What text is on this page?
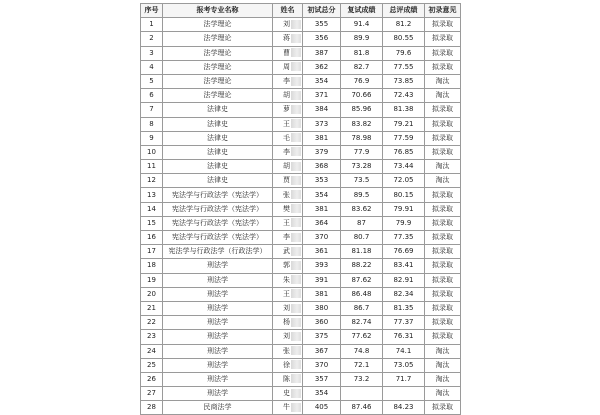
序号	报考专业名称	姓名	初试总分	复试成绩	总评成绩	初录意见
1	法学理论	刘	355	91.4	81.2	拟录取
2	法学理论	蒋	356	89.9	80.55	拟录取
3	法学理论	曹	387	81.8	79.6	拟录取
4	法学理论	周	362	82.7	77.55	拟录取
5	法学理论	李	354	76.9	73.85	淘汰
6	法学理论	胡	371	70.66	72.43	淘汰
7	法律史	萝	384	85.96	81.38	拟录取
8	法律史	王	373	83.82	79.21	拟录取
9	法律史	毛	381	78.98	77.59	拟录取
10	法律史	李	379	77.9	76.85	拟录取
11	法律史	胡	368	73.28	73.44	淘汰
12	法律史	贾	353	73.5	72.05	淘汰
13	宪法学与行政法学（宪法学）	张	354	89.5	80.15	拟录取
14	宪法学与行政法学（宪法学）	樊	381	83.62	79.91	拟录取
15	宪法学与行政法学（宪法学）	王	364	87	79.9	拟录取
16	宪法学与行政法学（宪法学）	李	370	80.7	77.35	拟录取
17	宪法学与行政法学（行政法学）	武	361	81.18	76.69	拟录取
18	刑法学	郭	393	88.22	83.41	拟录取
19	刑法学	朱	391	87.62	82.91	拟录取
20	刑法学	王	381	86.48	82.34	拟录取
21	刑法学	刘	380	86.7	81.35	拟录取
22	刑法学	杨	360	82.74	77.37	拟录取
23	刑法学	刘	375	77.62	76.31	拟录取
24	刑法学	张	367	74.8	74.1	淘汰
25	刑法学	徐	370	72.1	73.05	淘汰
26	刑法学	陈	357	73.2	71.7	淘汰
27	刑法学	史	354			淘汰
28	民商法学	牛	405	87.46	84.23	拟录取
